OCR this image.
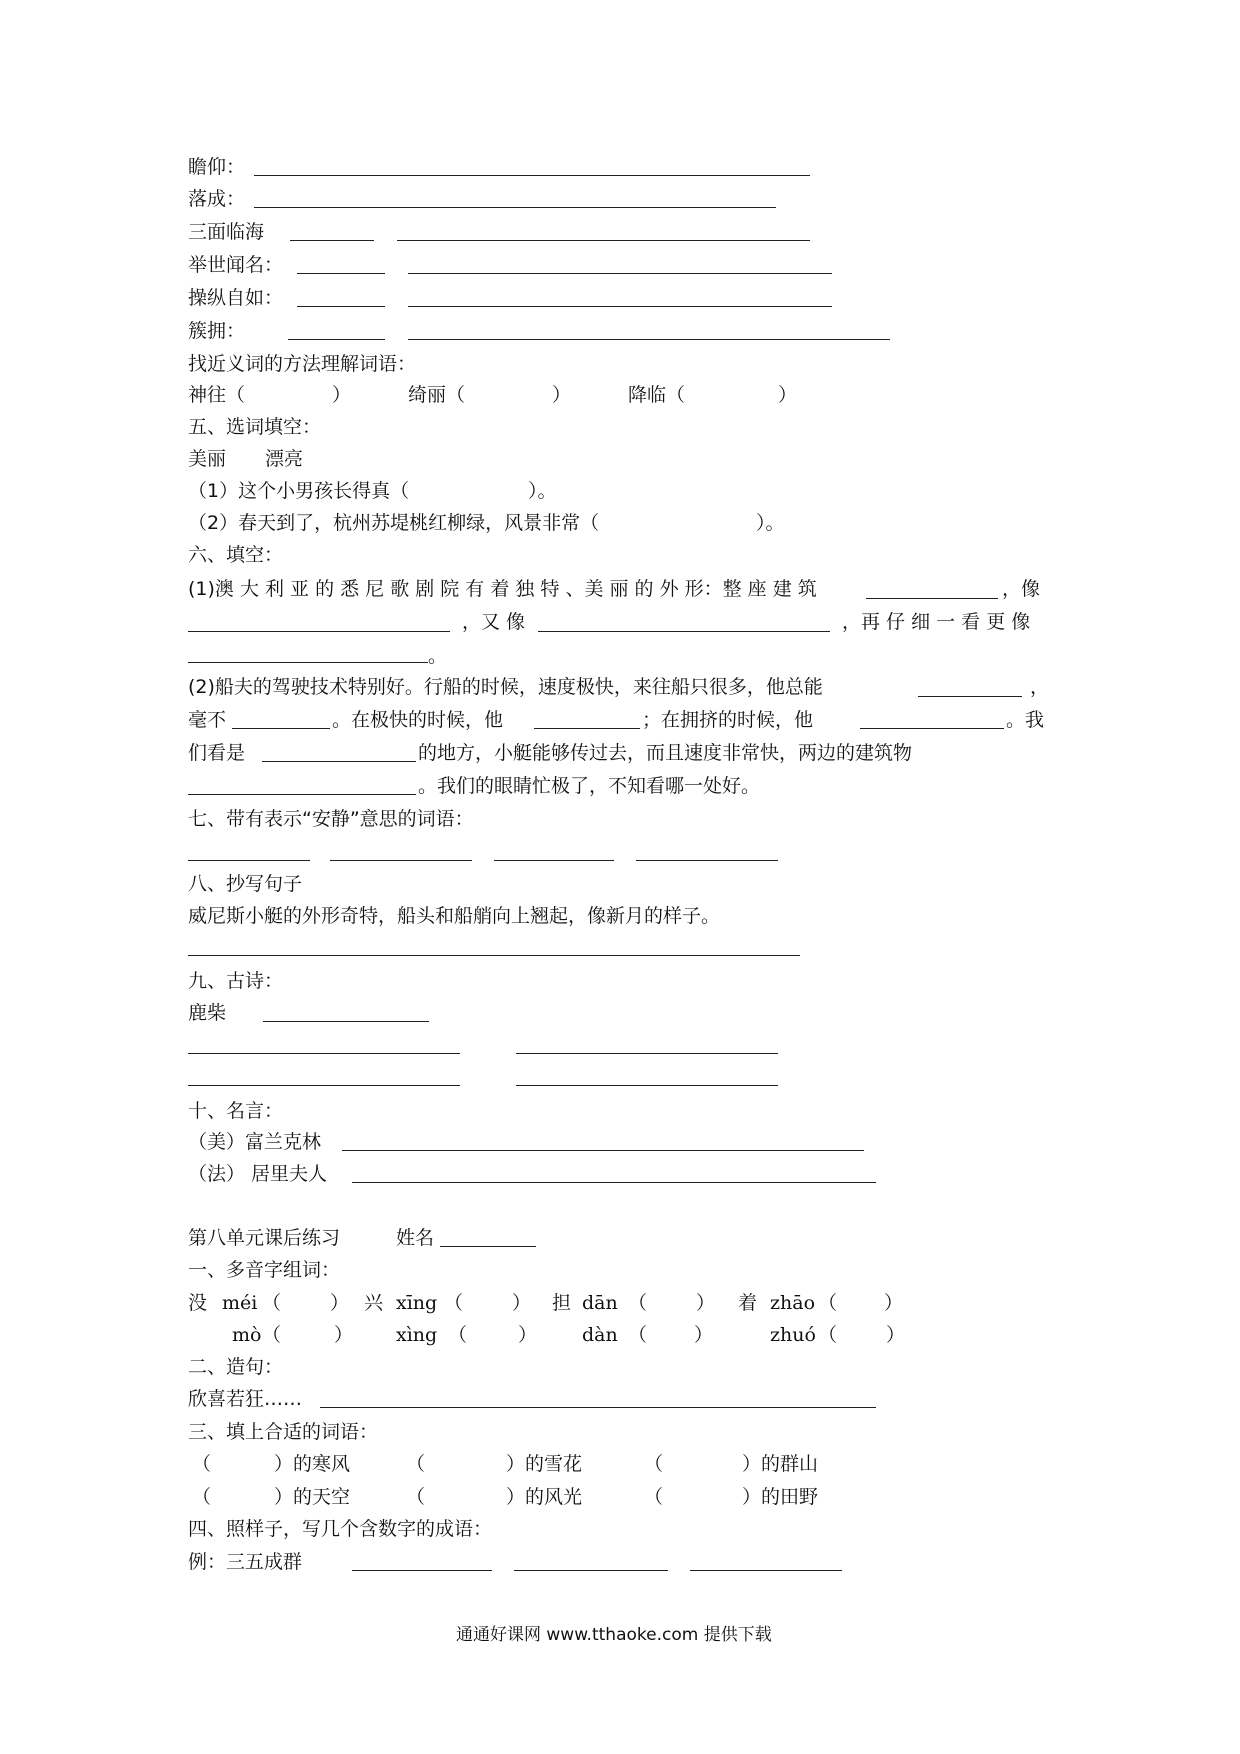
瞻仰：
落成：
三面临海
举世闻名：
操纵自如：
簇拥：
找近义词的方法理解词语：
神往（	）	绮丽（	）	降临（	）
五、选词填空：
美丽 漂亮
（1）这个小男孩长得真（	）。
（2）春天到了，杭州苏堤桃红柳绿，风景非常（	）。
六、填空：
(1)澳 大 利 亚 的 悉 尼 歌 剧 院 有 着 独 特 、美 丽 的 外 形：整 座 建 筑	，像
，又 像	，再 仔 细 一 看 更 像
。
(2)船夫的驾驶技术特别好。行船的时候，速度极快，来往船只很多，他总能	，
毫不	。在极快的时候，他	；在拥挤的时候，他	。我
们看是	的地方，小艇能够传过去，而且速度非常快，两边的建筑物
。我们的眼睛忙极了，不知看哪一处好。
七、带有表示“安静”意思的词语：
八、抄写句子
威尼斯小艇的外形奇特，船头和船艄向上翘起，像新月的样子。
九、古诗：
鹿柴
十、名言：
（美）富兰克林
（法） 居里夫人
第八单元课后练习	姓名
一、多音字组词：
没 méi （	） 兴 xīng （	） 担 dān （	） 着 zhāo （ ）
mò （	） xìng （	） dàn （ ）	zhuó （	）
二、造句：
欣喜若狂……
三、填上合适的词语：
（	）的寒风	（	）的雪花	（	）的群山
（	）的天空	（	）的风光	（	）的田野
四、照样子，写几个含数字的成语：
例：三五成群
通通好课网 www.tthaoke.com 提供下载
